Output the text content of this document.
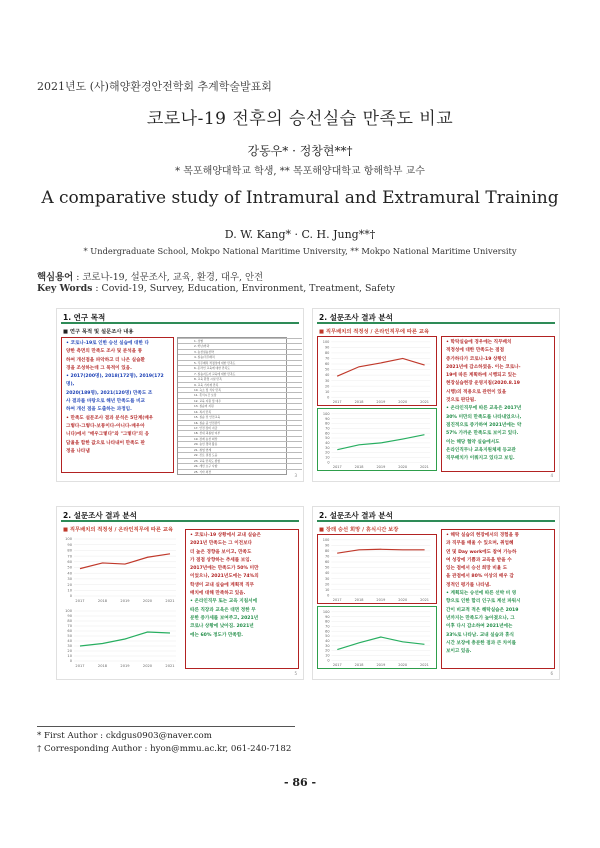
2021년도 (사)해양환경안전학회 추계학술발표회
코로나-19 전후의 승선실습 만족도 비교
강동우* · 정창현**†
* 목포해양대학교 학생, ** 목포해양대학교 항해학부 교수
A comparative study of Intramural and Extramural Training
D. W. Kang* · C. H. Jung**†
* Undergraduate School, Mokpo National Maritime University, ** Mokpo National Maritime University
핵심용어 : 코로나-19, 설문조사, 교육, 환경, 대우, 안전
Key Words : Covid-19, Survey, Education, Environment, Treatment, Safety
1. 연구 목적
■ 연구 목적 및 설문조사 내용
• 코로나-19로 인한 승선 실습에 대한 다
양한 측면의 만족도 조사 및 분석을 통
하여 개선점을 파악하고 더 나은 실습환
경을 조성하는데 그 목적이 있음.
• 2017(200명), 2018(172명), 2019(172명),
2020(189명), 2021(120명) 만족도 조
사 결과를 바탕으로 해년 만족도를 비교
하여 개선 점을 도출하는 과정임.
• 만족도 설문조사 결과 분석은 5단계(매우
그렇다-그렇다-보통이다-아니다-매우아
니다)에서 "매우그렇다"와 "그렇다"의 응
답율을 합한 값으로 나타내어 만족도 판
정을 나타냄
1. 성별
2. 학년/학과
3. 승선실습선박
4. 실습/직무배치
5. 직무배치 적정성에 대한 만족도
6. 온라인 교육에 대한 만족도
7. 실습지도자 교육에 대한 만족도
8. 교육 환경 시설 만족
9. 교육 기자재 만족
10. 숙소 및 식사 만족
11. 휴식시간 보장
12. 교육 지원 및 대우
13. 실습비 지원
14. 복지 만족
15. 실습 전 안전교육
16. 실습 중 안전관리
17. 안전 장비 지급
18. 선내 괴롭힘 여부
19. 장래 승선 희망
20. 승선 경력 활용
21. 취업 연계
22. 진로 결정 도움
23. 교육 만족도 종합
24. 개선 요구 사항
25. 기타 의견
3
2. 설문조사 결과 분석
■ 직무배치의 적정성 / 온라인직무에 따른 교육
0
10
20
30
40
50
60
70
80
90
100
2017	2018	2019	2020	2021
0
10
20
30
40
50
60
70
80
90
100
2017	2018	2019	2020	2021
• 학탁실습에 경우에는 직무배치
적정성에 대한 만족도는 점점
증가하다가 코로나-19 상황인
2021년에 감소하였음. 이는 코로나-
19에 따른 계획하에 시행되고 있는
현장실습현장 운영지침(2020.8.19
시행)의 적용으로 관련이 있을
것으로 판단됨.
• 온라인직무에 따른 교육은 2017년
30% 미만의 만족도를 나타내었으나,
점진적으로 증가하여 2021년에는 약
57% 가까운 만족도로 보이고 있다.
이는 해당 협약 실습에서도
온라인직무나 교육지원체제 등교관
직무배치가 이뤄지고 있다고 보임.
4
2. 설문조사 결과 분석
■ 직무배치의 적정성 / 온라인직무에 따른 교육
0
10
20
30
40
50
60
70
80
90
100
2017	2018	2019	2020	2021
0
10
20
30
40
50
60
70
80
90
100
2017	2018	2019	2020	2021
• 코로나-19 상황에서 교내 실습은
2021년 만족도는 그 이전보다
더 높은 경향을 보이고, 만족도
가 점점 상향하는 추세를 보임.
2017년에는 만족도가 50% 미만
이었으나, 2021년도에는 74%의
학생이 교내 실습에 계획적 직무
배치에 대해 만족하고 있음.
• 온라인직무 또는 교육 지침서에
따른 직장과 교육은 대면 정한 무
분한 증가세를 보여주고, 2021년
코로나 상황에 낮아짐. 2021년
에는 60% 정도가 만족함.
5
2. 설문조사 결과 분석
■ 장래 승선 희망 / 휴식시간 보장
0
10
20
30
40
50
60
70
80
90
100
2017	2018	2019	2020	2021
0
10
20
30
40
50
60
70
80
90
100
2017	2018	2019	2020	2021
• 해탁 실습의 현장에서의 경험을 통
과 직무를 배울 수 있으며, 취업혜
연 및 Day work에도 참여 가능하
여 성장에 기쁨과 교육을 받을 수
있는 점에서 승선 희망 비율 도
을 관점에서 80% 이상의 배우 감
정적인 평가를 나타냄.
• 계획되는 승선에 따른 선박 비 영
향으로 인한 합리 인구로 계선 파워시
간이 비교적 적은 해탁실습은 2019
년까지는 만족도가 높아졌으나, 그
이후 다시 감소하여 2021년에는
33%로 나타남. 교내 실습과 휴식
시간 보장에 충분한 점과 큰 차이를
보이고 있음.
6
* First Author : ckdgus0903@naver.com
† Corresponding Author : hyon@mmu.ac.kr, 061-240-7182
- 86 -
